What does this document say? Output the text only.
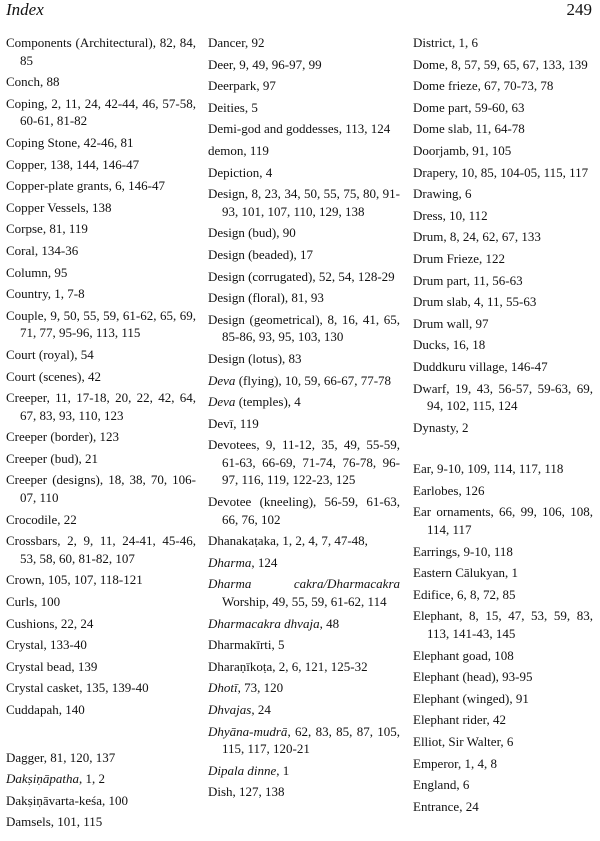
Index	249
Components (Architectural), 82, 84, 85
Conch, 88
Coping, 2, 11, 24, 42-44, 46, 57-58, 60-61, 81-82
Coping Stone, 42-46, 81
Copper, 138, 144, 146-47
Copper-plate grants, 6, 146-47
Copper Vessels, 138
Corpse, 81, 119
Coral, 134-36
Column, 95
Country, 1, 7-8
Couple, 9, 50, 55, 59, 61-62, 65, 69, 71, 77, 95-96, 113, 115
Court (royal), 54
Court (scenes), 42
Creeper, 11, 17-18, 20, 22, 42, 64, 67, 83, 93, 110, 123
Creeper (border), 123
Creeper (bud), 21
Creeper (designs), 18, 38, 70, 106-07, 110
Crocodile, 22
Crossbars, 2, 9, 11, 24-41, 45-46, 53, 58, 60, 81-82, 107
Crown, 105, 107, 118-121
Curls, 100
Cushions, 22, 24
Crystal, 133-40
Crystal bead, 139
Crystal casket, 135, 139-40
Cuddapah, 140
Dagger, 81, 120, 137
Dakṣiṇāpatha, 1, 2
Dakṣiṇāvarta-keśa, 100
Damsels, 101, 115
Dancer, 92
Deer, 9, 49, 96-97, 99
Deerpark, 97
Deities, 5
Demi-god and goddesses, 113, 124
demon, 119
Depiction, 4
Design, 8, 23, 34, 50, 55, 75, 80, 91-93, 101, 107, 110, 129, 138
Design (bud), 90
Design (beaded), 17
Design (corrugated), 52, 54, 128-29
Design (floral), 81, 93
Design (geometrical), 8, 16, 41, 65, 85-86, 93, 95, 103, 130
Design (lotus), 83
Deva (flying), 10, 59, 66-67, 77-78
Deva (temples), 4
Devī, 119
Devotees, 9, 11-12, 35, 49, 55-59, 61-63, 66-69, 71-74, 76-78, 96-97, 116, 119, 122-23, 125
Devotee (kneeling), 56-59, 61-63, 66, 76, 102
Dhanakaṭaka, 1, 2, 4, 7, 47-48,
Dharma, 124
Dharma cakra/Dharmacakra Worship, 49, 55, 59, 61-62, 114
Dharmacakra dhvaja, 48
Dharmakīrti, 5
Dharaṇīkoṭa, 2, 6, 121, 125-32
Dhotī, 73, 120
Dhvajas, 24
Dhyāna-mudrā, 62, 83, 85, 87, 105, 115, 117, 120-21
Dipala dinne, 1
Dish, 127, 138
District, 1, 6
Dome, 8, 57, 59, 65, 67, 133, 139
Dome frieze, 67, 70-73, 78
Dome part, 59-60, 63
Dome slab, 11, 64-78
Doorjamb, 91, 105
Drapery, 10, 85, 104-05, 115, 117
Drawing, 6
Dress, 10, 112
Drum, 8, 24, 62, 67, 133
Drum Frieze, 122
Drum part, 11, 56-63
Drum slab, 4, 11, 55-63
Drum wall, 97
Ducks, 16, 18
Duddkuru village, 146-47
Dwarf, 19, 43, 56-57, 59-63, 69, 94, 102, 115, 124
Dynasty, 2
Ear, 9-10, 109, 114, 117, 118
Earlobes, 126
Ear ornaments, 66, 99, 106, 108, 114, 117
Earrings, 9-10, 118
Eastern Cālukyan, 1
Edifice, 6, 8, 72, 85
Elephant, 8, 15, 47, 53, 59, 83, 113, 141-43, 145
Elephant goad, 108
Elephant (head), 93-95
Elephant (winged), 91
Elephant rider, 42
Elliot, Sir Walter, 6
Emperor, 1, 4, 8
England, 6
Entrance, 24
